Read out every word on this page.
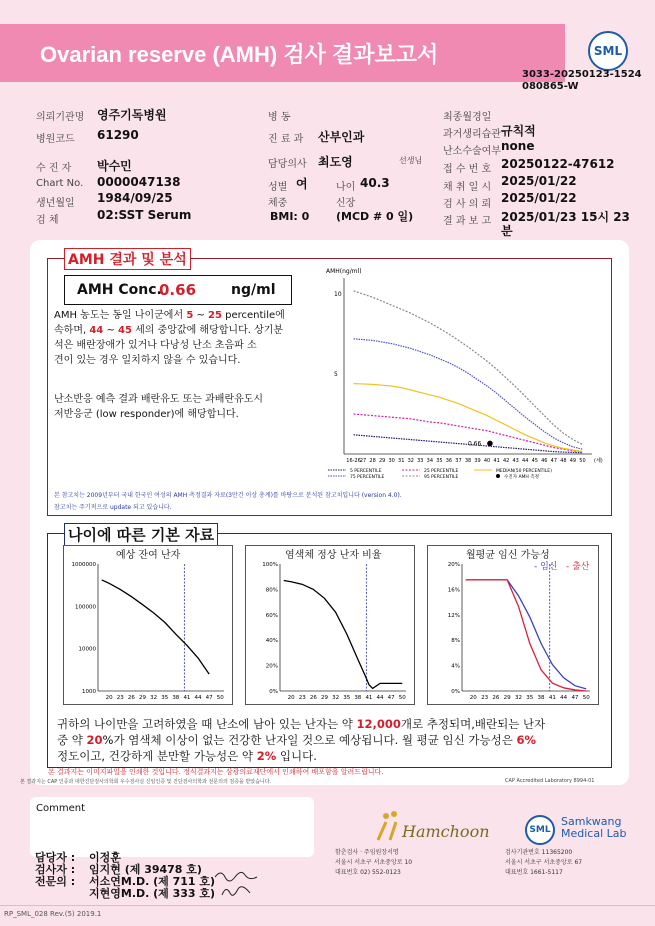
Ovarian reserve (AMH) 검사 결과보고서	SML
3033-20250123-1524
080865-W
의뢰기관명 영주기독병원
병원코드 61290
수 진 자 박수민
Chart No. 0000047138
생년월일 1984/09/25
검 체	02:SST Serum
병 동
진 료 과 산부인과
담당의사 최도영	선생님
성별 여	나이 40.3
체중	신장
BMI: 0 (MCD # 0 일)
최종월경일
과거생리습관 규칙적
난소수술여부 none
접 수 번 호 20250122-47612
채 취 일 시 2025/01/22
검 사 의 뢰 2025/01/22
결 과 보 고 2025/01/23 15시 23
분
AMH 결과 및 분석
AMH Conc.
0.66 ng/ml
AMH 농도는 동일 나이군에서 5 ~ 25 percentile에
속하며, 44 ~ 45 세의 중앙값에 해당합니다. 상기분
석은 배란장애가 있거나 다낭성 난소 초음파 소
견이 있는 경우 일치하지 않을 수 있습니다.
난소반응 예측 결과 배란유도 또는 과배란유도시
저반응군 (low responder)에 해당합니다.
본 참고치는 2009년부터 국내 한국인 여성의 AMH 측정결과 자료(3만건 이상 총계)를 바탕으로 분석된 참고치입니다 (version 4.0).
참고치는 주기적으로 update 되고 있습니다.
AMH(ng/ml)
10
5
16-26 27 28 29 30 31 32 33 34 35 36 37 38 39 40 41 42 43 44 45 46 47 48 49 50 (세)
0.66
5 PERCENTILE
75 PERCENTILE
25 PERCENTILE
95 PERCENTILE
MEDIAN(50 PERCENTILE)
수진자 AMH 측정
나이에 따른 기본 자료
예상 잔여 난자	염색체 정상 난자 비율	월평균 임신 가능성
- 임신 - 출산
1000000
100000
10000
1000
20 23 26 29 32 35 38 41 44 47 50
100%
80%
60%
40%
20%
0%
20 23 26 29 32 35 38 41 44 47 50
20%
16%
12%
8%
4%
0%
20 23 26 29 32 35 38 41 44 47 50
귀하의 나이만을 고려하였을 때 난소에 남아 있는 난자는 약 12,000개로 추정되며,배란되는 난자
중 약 20%가 염색체 이상이 없는 건강한 난자일 것으로 예상됩니다. 월 평균 임신 가능성은 6%
정도이고, 건강하게 분만할 가능성은 약 2% 입니다.
본 결과지는 이미지파일을 인쇄한 것입니다. 정식결과지는 삼광의료재단에서 인쇄하여 배포함을 알려드립니다.
본 결과지는 CAP 인증과 대한진단검사의학회 우수검사실 신임인증 및 진단검사의학과 전문의의 검증을 받았습니다.	CAP Accredited Laboratory 8994-01
Comment
담당자 : 이정훈
검사자 : 임지현 (제 39478 호)
전문의 : 서소연M.D. (제 711 호)
지현영M.D. (제 333 호)
Hamchoon
함춘검사 · 주임원장서명
서울시 서초구 서초중앙로 10
대표번호 02) 552-0123
SML
Samkwang
Medical Lab
검사기관번호 11365200
서울시 서초구 서초중앙로 67
대표번호 1661-5117
RP_SML_028 Rev.(5) 2019.1
